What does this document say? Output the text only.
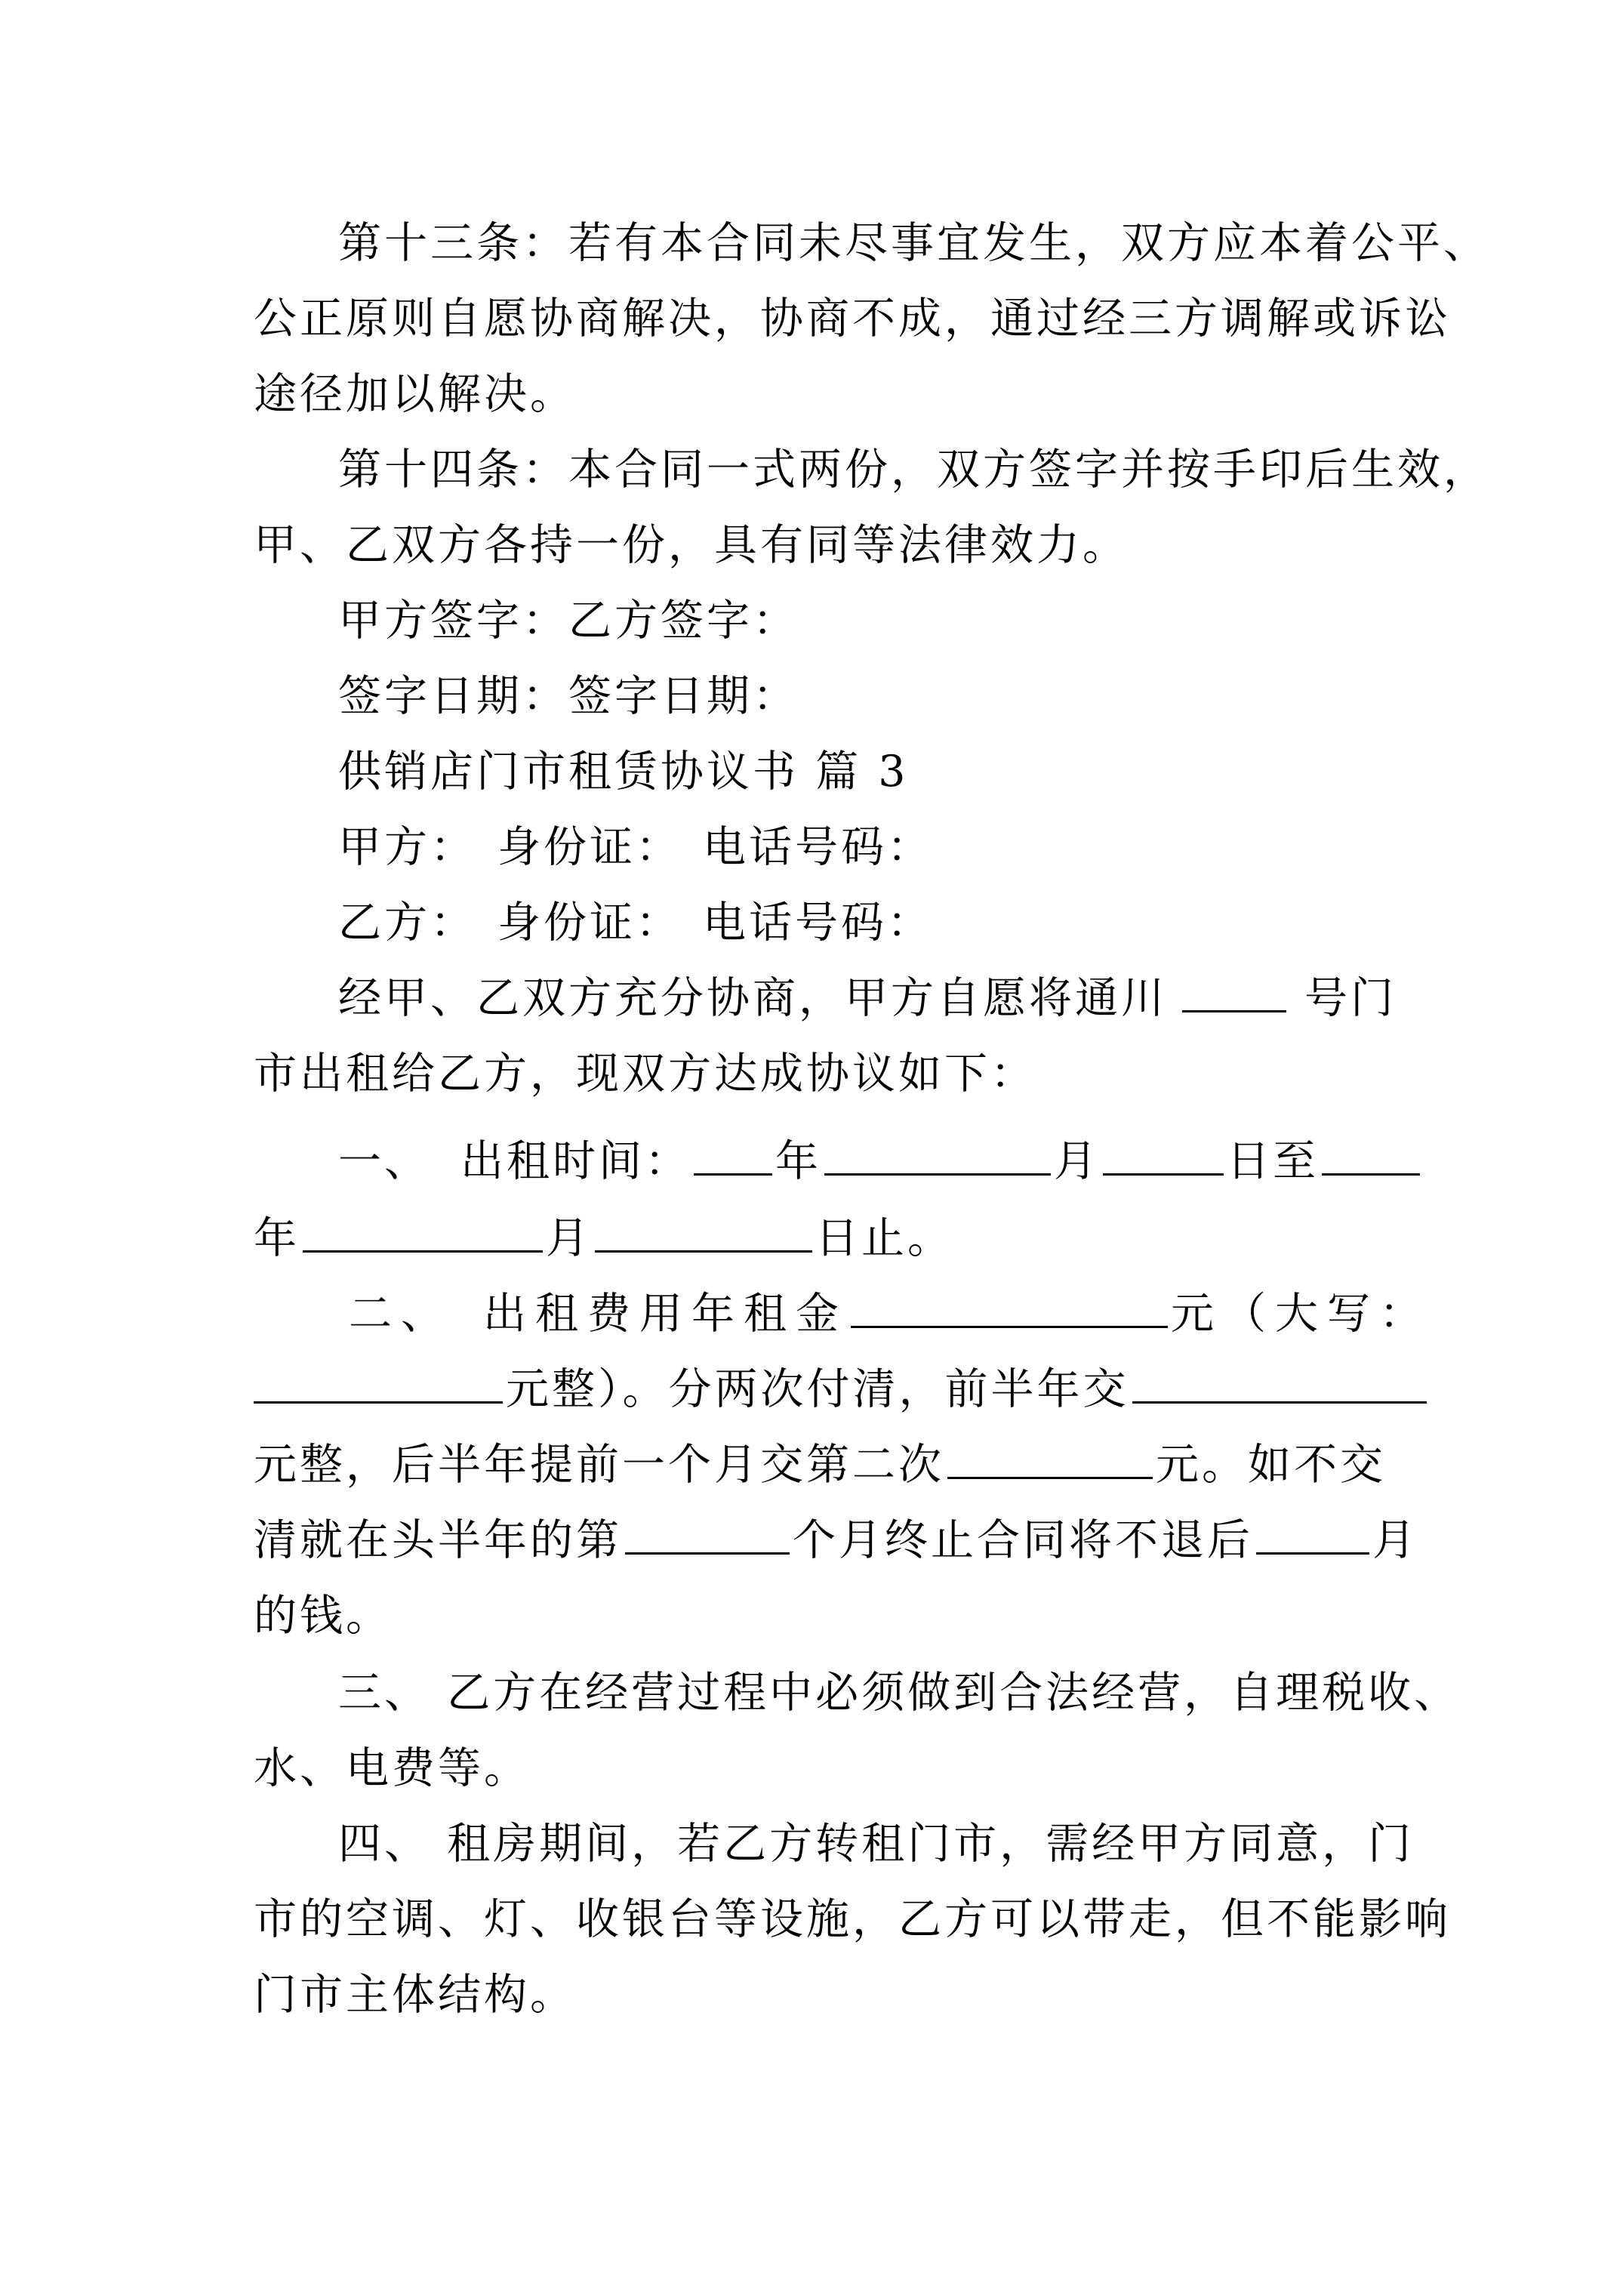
第十三条：若有本合同未尽事宜发生，双方应本着公平、
公正原则自愿协商解决，协商不成，通过经三方调解或诉讼
途径加以解决。
第十四条：本合同一式两份，双方签字并按手印后生效，
甲、乙双方各持一份，具有同等法律效力。
甲方签字：乙方签字：
签字日期：签字日期：
供销店门市租赁协议书 篇 3
甲方： 身份证： 电话号码：
乙方： 身份证： 电话号码：
经甲、乙双方充分协商，甲方自愿将通川	号门
市出租给乙方，现双方达成协议如下：
一、 出租时间： 年	月	日至
年	月	日止。
二、 出租费用年租金	元（大写：
元整）。分两次付清，前半年交
元整，后半年提前一个月交第二次	元。如不交
清就在头半年的第	个月终止合同将不退后	月
的钱。
三、 乙方在经营过程中必须做到合法经营，自理税收、
水、电费等。
四、 租房期间，若乙方转租门市，需经甲方同意，门
市的空调、灯、收银台等设施，乙方可以带走，但不能影响
门市主体结构。
